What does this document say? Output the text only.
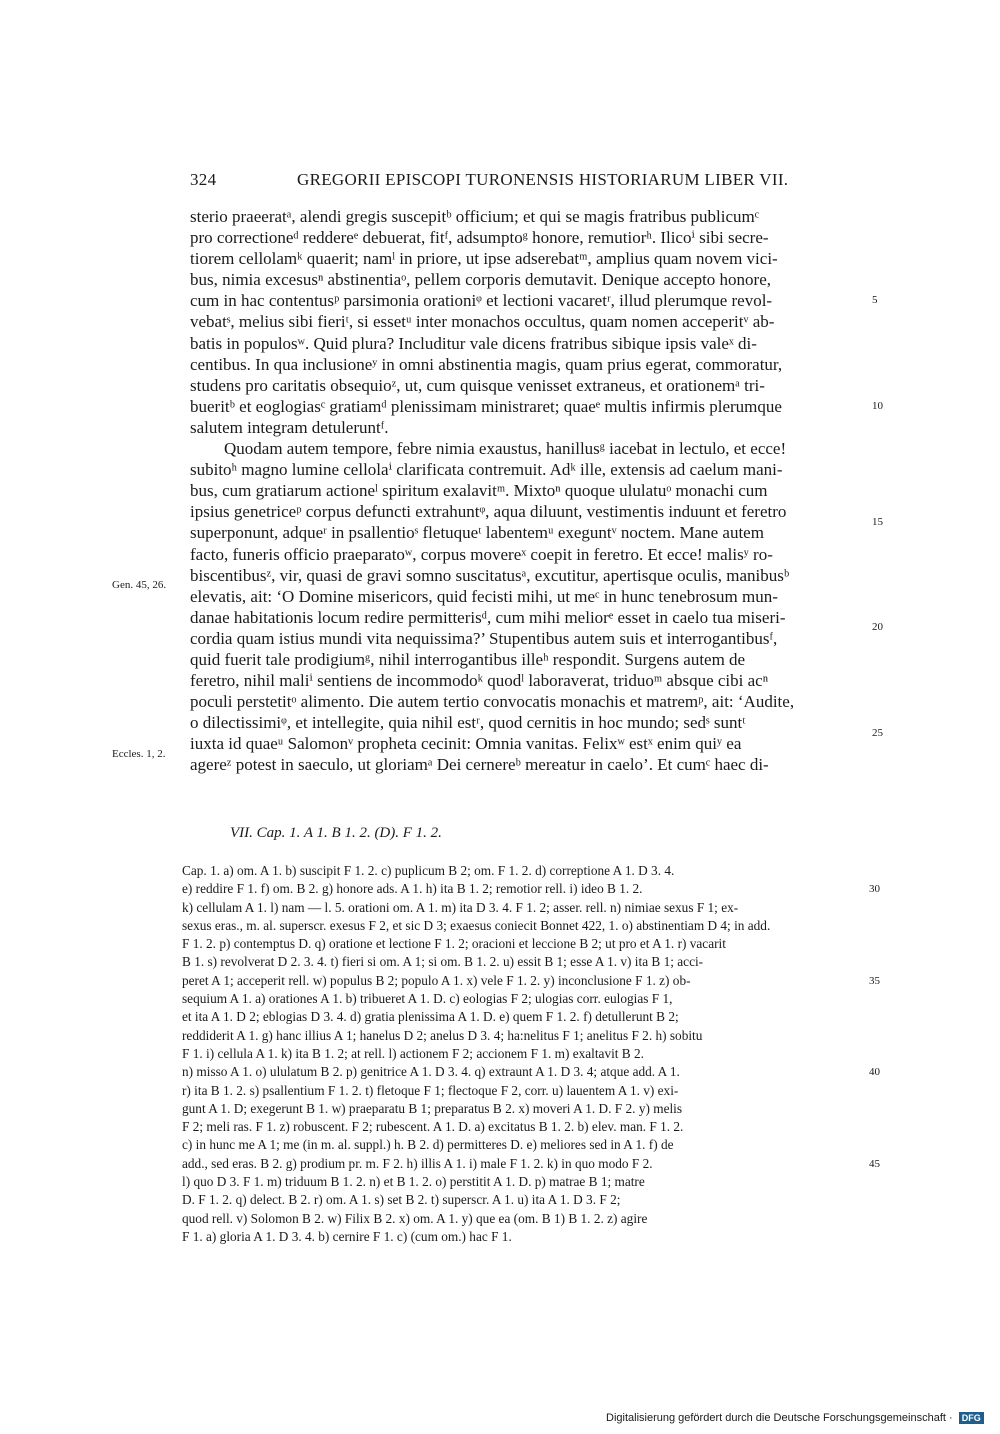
324	GREGORII EPISCOPI TURONENSIS HISTORIARUM LIBER VII.
sterio praeeratᵃ, alendi gregis suscepitᵇ officium; et qui se magis fratribus publicumᶜ
pro correctioneᵈ reddereᵉ debuerat, fitᶠ, adsumptoᵍ honore, remutiorʰ. Ilicoⁱ sibi secre-
tiorem cellolamᵏ quaerit; namˡ in priore, ut ipse adserebatᵐ, amplius quam novem vici-
bus, nimia excesusⁿ abstinentiaᵒ, pellem corporis demutavit. Denique accepto honore,
cum in hac contentusᵖ parsimonia orationiᵠ et lectioni vacaretʳ, illud plerumque revol-
vebatˢ, melius sibi fieriᵗ, si essetᵘ inter monachos occultus, quam nomen acceperitᵛ ab-
batis in populosʷ. Quid plura? Includitur vale dicens fratribus sibique ipsis valeˣ di-
centibus. In qua inclusioneʸ in omni abstinentia magis, quam prius egerat, commoratur,
studens pro caritatis obsequioᶻ, ut, cum quisque venisset extraneus, et orationemᵃ tri-
bueritᵇ et eoglogiasᶜ gratiamᵈ plenissimam ministraret; quaeᵉ multis infirmis plerumque
salutem integram detuleruntᶠ.
Quodam autem tempore, febre nimia exaustus, hanillusᵍ iacebat in lectulo, et ecce!
subitoʰ magno lumine cellolaⁱ clarificata contremuit. Adᵏ ille, extensis ad caelum mani-
bus, cum gratiarum actioneˡ spiritum exalavitᵐ. Mixtoⁿ quoque ululatuᵒ monachi cum
ipsius genetriceᵖ corpus defuncti extrahuntᵠ, aqua diluunt, vestimentis induunt et feretro
superponunt, adqueʳ in psallentioˢ fletuqueᵗ labentemᵘ exeguntᵛ noctem. Mane autem
facto, funeris officio praeparatoʷ, corpus movereˣ coepit in feretro. Et ecce! malisʸ ro-
biscentibusᶻ, vir, quasi de gravi somno suscitatusᵃ, excutitur, apertisque oculis, manibusᵇ
elevatis, ait: ‘O Domine misericors, quid fecisti mihi, ut meᶜ in hunc tenebrosum mun-
danae habitationis locum redire permitterisᵈ, cum mihi meliorᵉ esset in caelo tua miseri-
cordia quam istius mundi vita nequissima?’ Stupentibus autem suis et interrogantibusᶠ,
quid fuerit tale prodigiumᵍ, nihil interrogantibus illeʰ respondit. Surgens autem de
feretro, nihil maliⁱ sentiens de incommodoᵏ quodˡ laboraverat, triduoᵐ absque cibi acⁿ
poculi perstetitᵒ alimento. Die autem tertio convocatis monachis et matremᵖ, ait: ‘Audite,
o dilectissimiᵠ, et intellegite, quia nihil estʳ, quod cernitis in hoc mundo; sedˢ suntᵗ
iuxta id quaeᵘ Salomonᵛ propheta cecinit: Omnia vanitas. Felixʷ estˣ enim quiʸ ea
agereᶻ potest in saeculo, ut gloriamᵃ Dei cernereᵇ mereatur in caelo’. Et cumᶜ haec di-
5
10
15
20
25
Gen. 45, 26.
Eccles. 1, 2.
VII. Cap. 1. A 1. B 1. 2. (D). F 1. 2.
Cap. 1. a) om. A 1. b) suscipit F 1. 2. c) puplicum B 2; om. F 1. 2. d) correptione A 1. D 3. 4.
e) reddire F 1. f) om. B 2. g) honore ads. A 1. h) ita B 1. 2; remotior rell. i) ideo B 1. 2.
k) cellulam A 1. l) nam — l. 5. orationi om. A 1. m) ita D 3. 4. F 1. 2; asser. rell. n) nimiae sexus F 1; ex-
sexus eras., m. al. superscr. exesus F 2, et sic D 3; exaesus coniecit Bonnet 422, 1. o) abstinentiam D 4; in add.
F 1. 2. p) contemptus D. q) oratione et lectione F 1. 2; oracioni et leccione B 2; ut pro et A 1. r) vacarit
B 1. s) revolverat D 2. 3. 4. t) fieri si om. A 1; si om. B 1. 2. u) essit B 1; esse A 1. v) ita B 1; acci-
peret A 1; acceperit rell. w) populus B 2; populo A 1. x) vele F 1. 2. y) inconclusione F 1. z) ob-
sequium A 1. a) orationes A 1. b) tribueret A 1. D. c) eologias F 2; ulogias corr. eulogias F 1,
et ita A 1. D 2; eblogias D 3. 4. d) gratia plenissima A 1. D. e) quem F 1. 2. f) detullerunt B 2;
reddiderit A 1. g) hanc illius A 1; hanelus D 2; anelus D 3. 4; ha:nelitus F 1; anelitus F 2. h) sobitu
F 1. i) cellula A 1. k) ita B 1. 2; at rell. l) actionem F 2; accionem F 1. m) exaltavit B 2.
n) misso A 1. o) ululatum B 2. p) genitrice A 1. D 3. 4. q) extraunt A 1. D 3. 4; atque add. A 1.
r) ita B 1. 2. s) psallentium F 1. 2. t) fletoque F 1; flectoque F 2, corr. u) lauentem A 1. v) exi-
gunt A 1. D; exegerunt B 1. w) praeparatu B 1; preparatus B 2. x) moveri A 1. D. F 2. y) melis
F 2; meli ras. F 1. z) robuscent. F 2; rubescent. A 1. D. a) excitatus B 1. 2. b) elev. man. F 1. 2.
c) in hunc me A 1; me (in m. al. suppl.) h. B 2. d) permitteres D. e) meliores sed in A 1. f) de
add., sed eras. B 2. g) prodium pr. m. F 2. h) illis A 1. i) male F 1. 2. k) in quo modo F 2.
l) quo D 3. F 1. m) triduum B 1. 2. n) et B 1. 2. o) perstitit A 1. D. p) matrae B 1; matre
D. F 1. 2. q) delect. B 2. r) om. A 1. s) set B 2. t) superscr. A 1. u) ita A 1. D 3. F 2;
quod rell. v) Solomon B 2. w) Filix B 2. x) om. A 1. y) que ea (om. B 1) B 1. 2. z) agire
F 1. a) gloria A 1. D 3. 4. b) cernire F 1. c) (cum om.) hac F 1.
30
35
40
45
Digitalisierung gefördert durch die Deutsche Forschungsgemeinschaft · DFG
